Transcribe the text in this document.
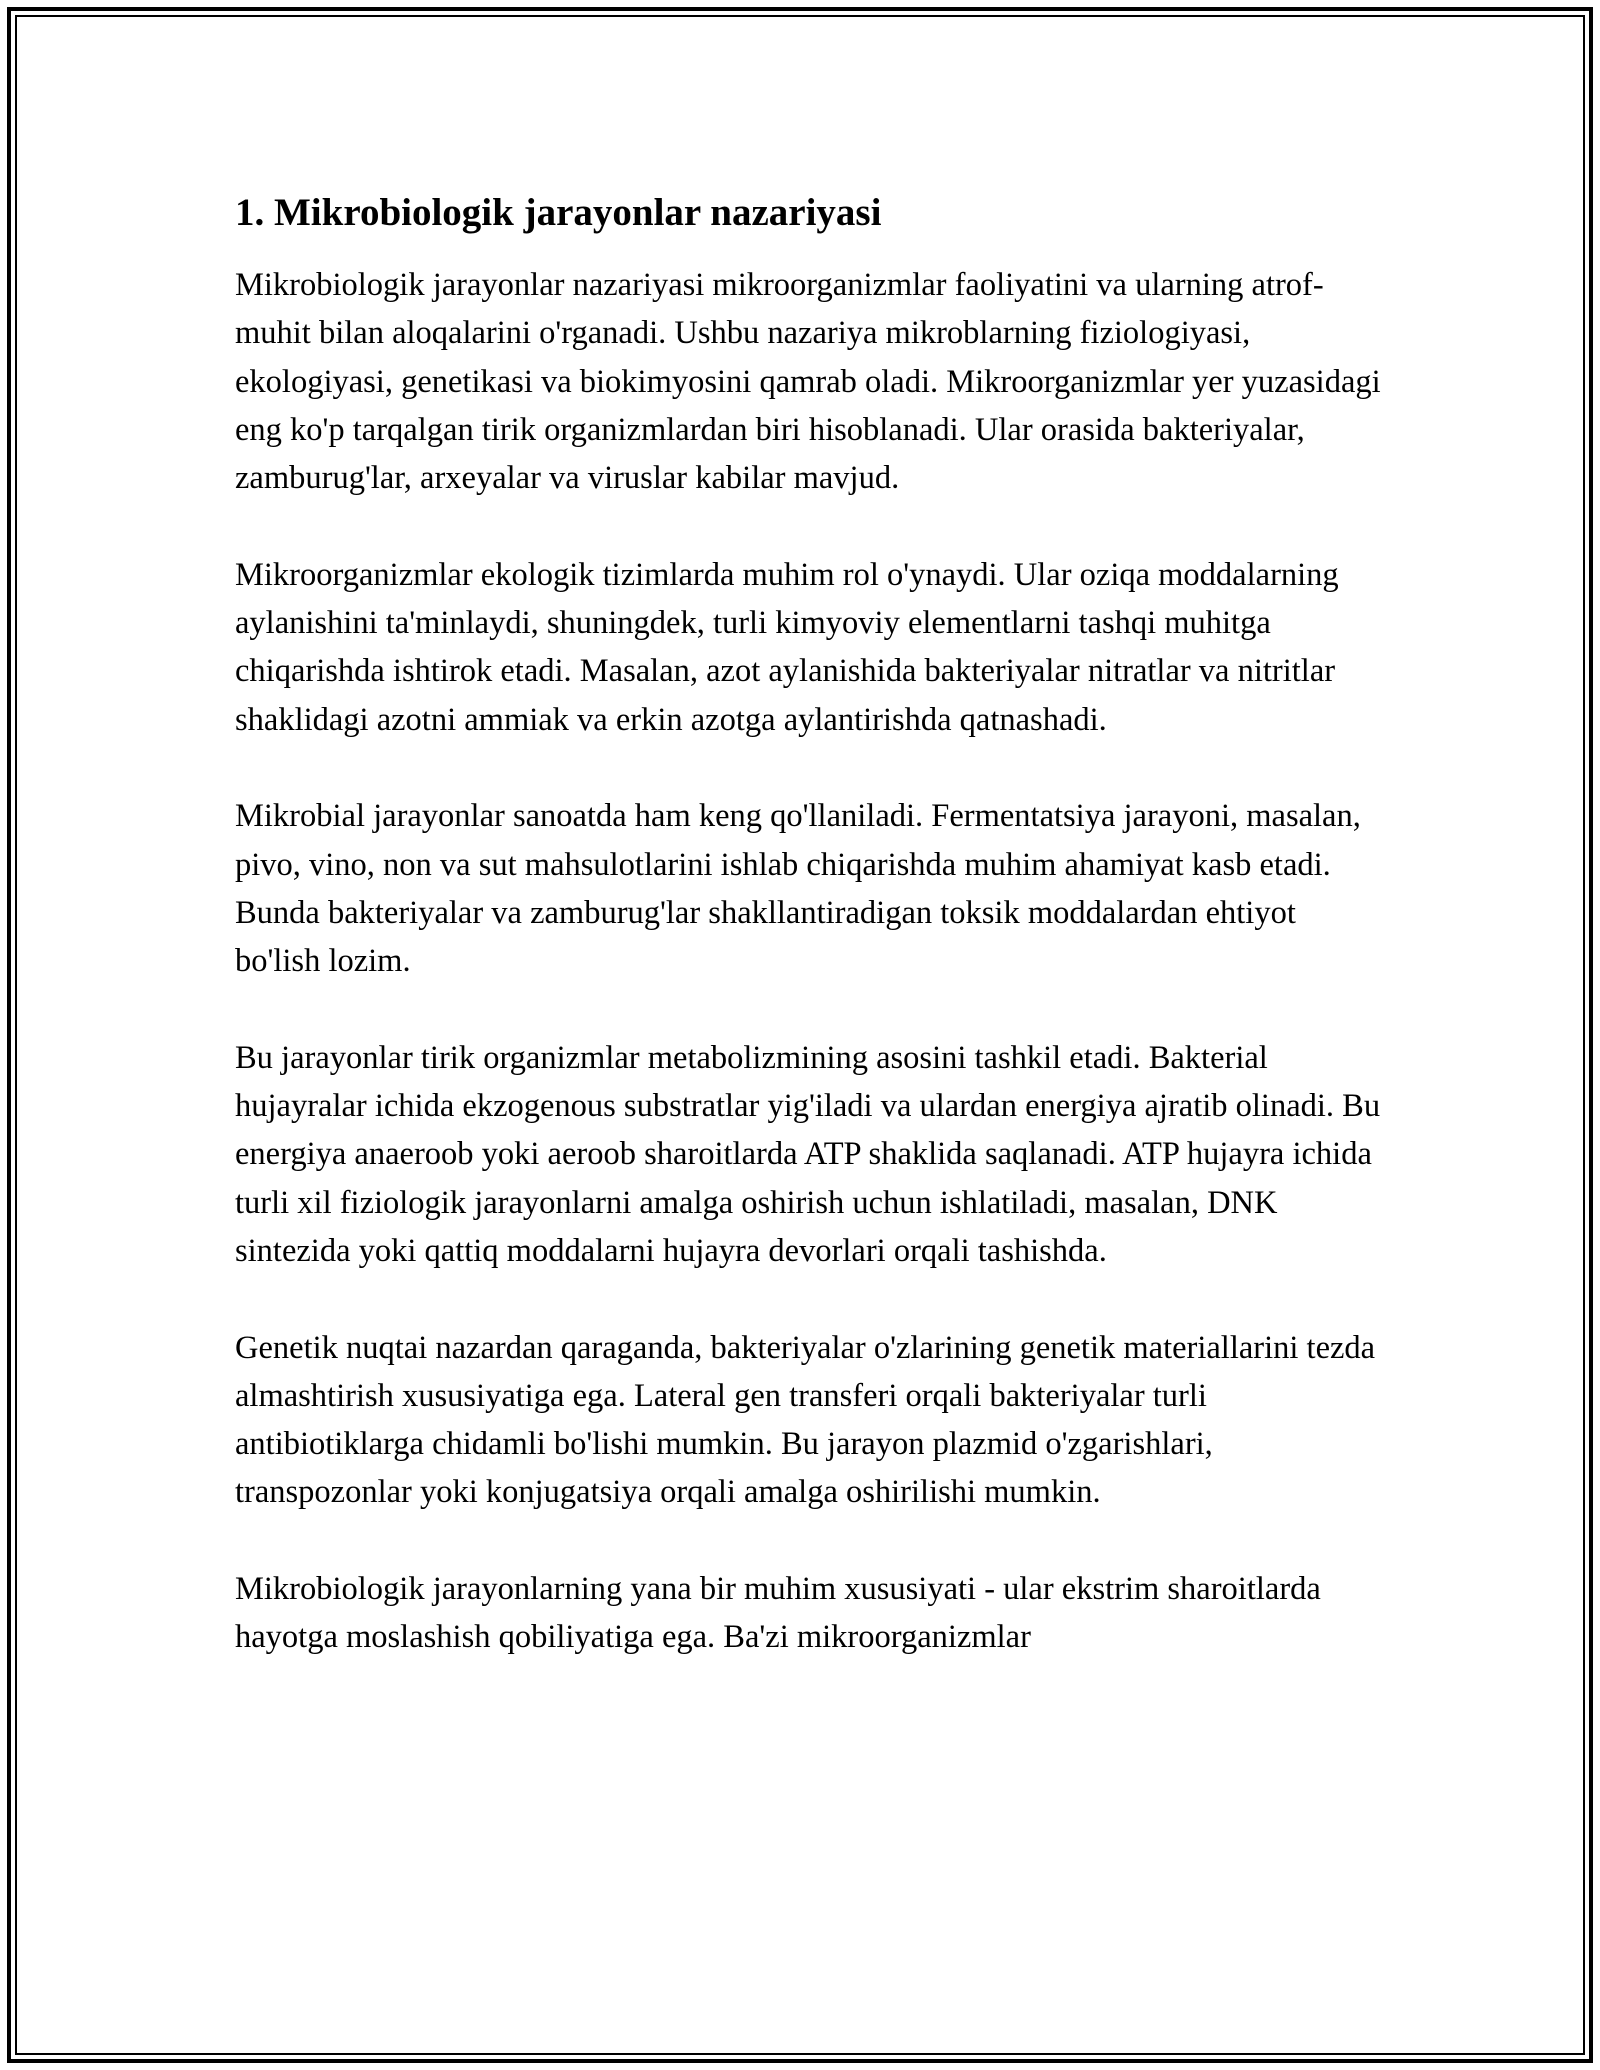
1. Mikrobiologik jarayonlar nazariyasi

Mikrobiologik jarayonlar nazariyasi mikroorganizmlar faoliyatini va ularning atrof-muhit bilan aloqalarini o'rganadi. Ushbu nazariya mikroblarning fiziologiyasi, ekologiyasi, genetikasi va biokimyosini qamrab oladi. Mikroorganizmlar yer yuzasidagi eng ko'p tarqalgan tirik organizmlardan biri hisoblanadi. Ular orasida bakteriyalar, zamburug'lar, arxeyalar va viruslar kabilar mavjud.

Mikroorganizmlar ekologik tizimlarda muhim rol o'ynaydi. Ular oziqa moddalarning aylanishini ta'minlaydi, shuningdek, turli kimyoviy elementlarni tashqi muhitga chiqarishda ishtirok etadi. Masalan, azot aylanishida bakteriyalar nitratlar va nitritlar shaklidagi azotni ammiak va erkin azotga aylantirishda qatnashadi.

Mikrobial jarayonlar sanoatda ham keng qo'llaniladi. Fermentatsiya jarayoni, masalan, pivo, vino, non va sut mahsulotlarini ishlab chiqarishda muhim ahamiyat kasb etadi. Bunda bakteriyalar va zamburug'lar shakllantiradigan toksik moddalardan ehtiyot bo'lish lozim.

Bu jarayonlar tirik organizmlar metabolizmining asosini tashkil etadi. Bakterial hujayralar ichida ekzogenous substratlar yig'iladi va ulardan energiya ajratib olinadi. Bu energiya anaeroob yoki aeroob sharoitlarda ATP shaklida saqlanadi. ATP hujayra ichida turli xil fiziologik jarayonlarni amalga oshirish uchun ishlatiladi, masalan, DNK sintezida yoki qattiq moddalarni hujayra devorlari orqali tashishda.

Genetik nuqtai nazardan qaraganda, bakteriyalar o'zlarining genetik materiallarini tezda almashtirish xususiyatiga ega. Lateral gen transferi orqali bakteriyalar turli antibiotiklarga chidamli bo'lishi mumkin. Bu jarayon plazmid o'zgarishlari, transpozonlar yoki konjugatsiya orqali amalga oshirilishi mumkin.

Mikrobiologik jarayonlarning yana bir muhim xususiyati - ular ekstrim sharoitlarda hayotga moslashish qobiliyatiga ega. Ba'zi mikroorganizmlar
